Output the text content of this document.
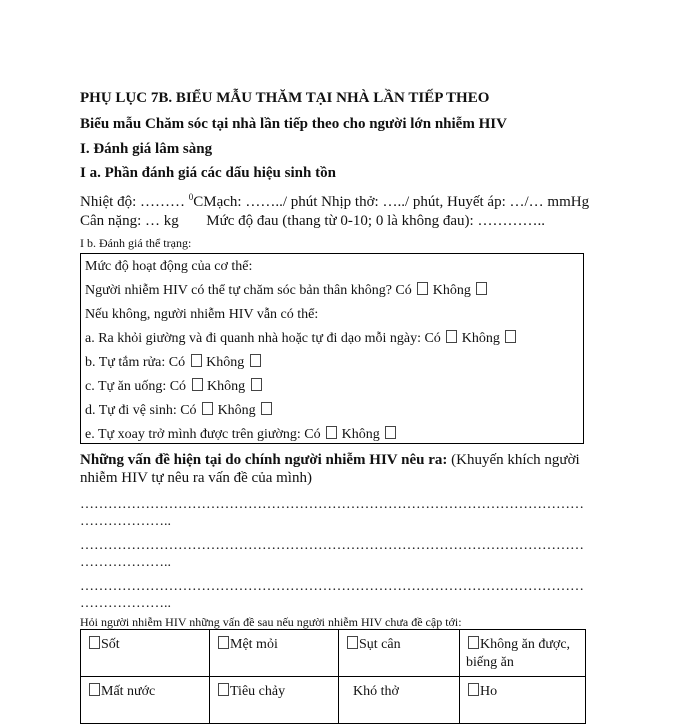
PHỤ LỤC 7B. BIỂU MẪU THĂM TẠI NHÀ LẦN TIẾP THEO
Biểu mẫu Chăm sóc tại nhà lần tiếp theo cho người lớn nhiễm HIV
I. Đánh giá lâm sàng
I a. Phần đánh giá các dấu hiệu sinh tồn
Nhiệt độ: ……… $^0$CMạch: ……../ phút Nhịp thở: …../ phút, Huyết áp: …/… mmHg
Cân nặng: … kg Mức độ đau (thang từ 0-10; 0 là không đau): …………..
I b. Đánh giá thể trạng:
Mức độ hoạt động của cơ thể:
Người nhiễm HIV có thể tự chăm sóc bản thân không? Có Không
Nếu không, người nhiễm HIV vẫn có thể:
a. Ra khỏi giường và đi quanh nhà hoặc tự đi dạo mỗi ngày: Có Không
b. Tự tắm rửa: Có Không
c. Tự ăn uống: Có Không
d. Tự đi vệ sinh: Có Không
e. Tự xoay trở mình được trên giường: Có Không
Những vấn đề hiện tại do chính người nhiễm HIV nêu ra: (Khuyến khích người
nhiễm HIV tự nêu ra vấn đề của mình)
………………………………………………………………………………………………
………………..
………………………………………………………………………………………………
………………..
………………………………………………………………………………………………
………………..
Hỏi người nhiễm HIV những vấn đề sau nếu người nhiễm HIV chưa đề cập tới:
Sốt	Mệt mỏi	Sụt cân	Không ăn được,
biếng ăn
Mất nước	Tiêu chảy	Khó thở	Ho
